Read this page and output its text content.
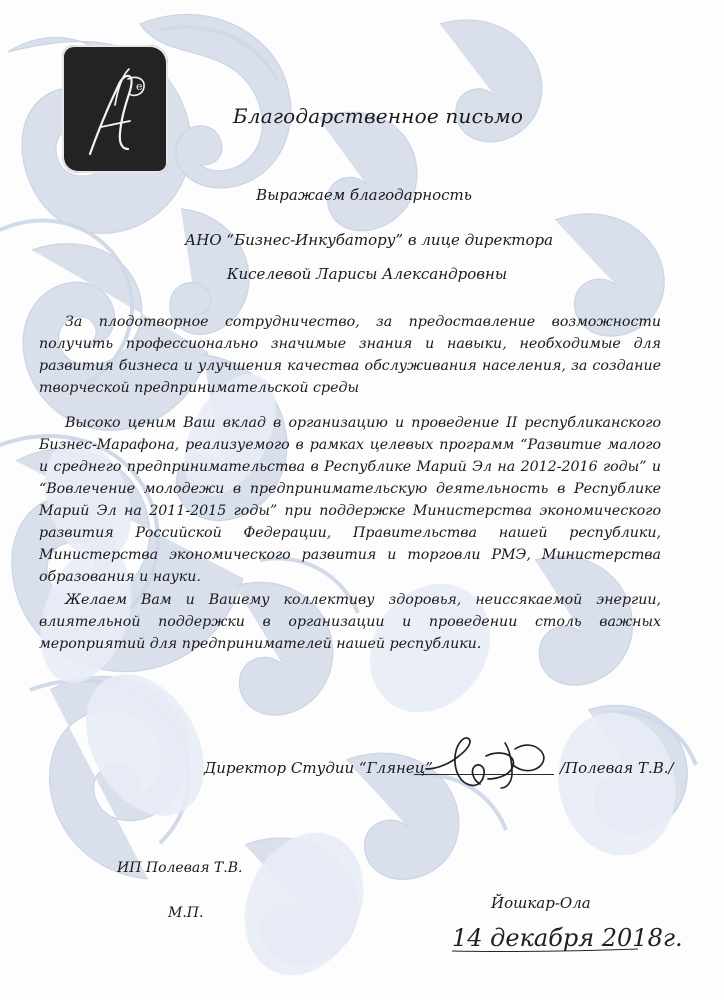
e
Благодарственное письмо
Выражаем благодарность
АНО “Бизнес-Инкубатору” в лице директора
Киселевой Ларисы Александровны
За плодотворное сотрудничество, за предоставление возможности получить профессионально значимые знания и навыки, необходимые для развития бизнеса и улучшения качества обслуживания населения, за создание творческой предпринимательской среды
Высоко ценим Ваш вклад в организацию и проведение II республиканского Бизнес-Марафона, реализуемого в рамках целевых программ “Развитие малого и среднего предпринимательства в Республике Марий Эл на 2012-2016 годы” и “Вовлечение молодежи в предпринимательскую деятельность в Республике Марий Эл на 2011-2015 годы” при поддержке Министерства экономического развития Российской Федерации, Правительства нашей республики, Министерства экономического развития и торговли РМЭ, Министерства образования и науки.
Желаем Вам и Вашему коллективу здоровья, неиссякаемой энергии, влиятельной поддержки в организации и проведении столь важных мероприятий для предпринимателей нашей республики.
Директор Студии “Глянец”	/Полевая Т.В./
ИП Полевая Т.В.
М.П.
Йошкар-Ола
14 декабря 2018г.
